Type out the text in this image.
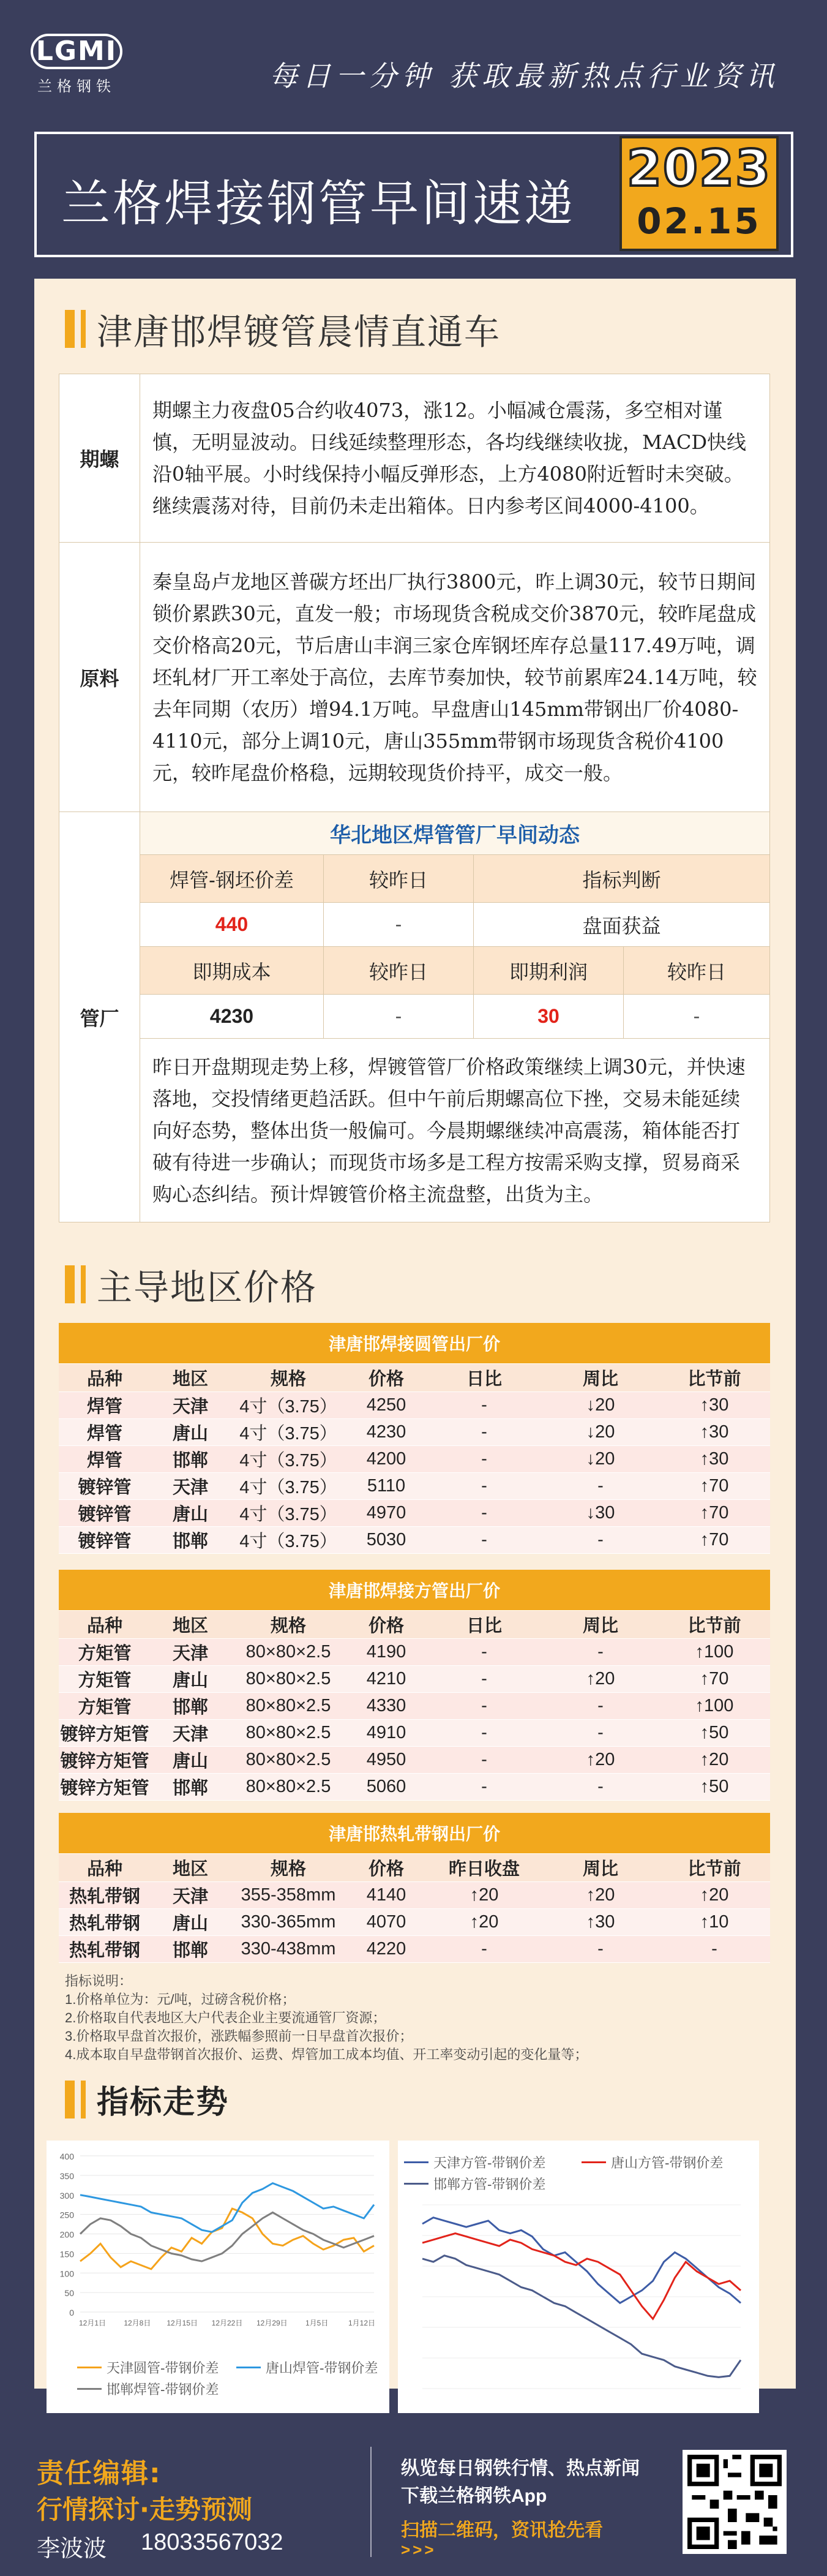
LGMI
兰格钢铁	每日一分钟 获取最新热点行业资讯
兰格焊接钢管早间速递
2023
02.15
津唐邯焊镀管晨情直通车
期螺	期螺主力夜盘05合约收4073，涨12。小幅减仓震荡，多空相对谨慎，无明显波动。日线延续整理形态，各均线继续收拢，MACD快线沿0轴平展。小时线保持小幅反弹形态，上方4080附近暂时未突破。继续震荡对待，目前仍未走出箱体。日内参考区间4000-4100。			
原料	秦皇岛卢龙地区普碳方坯出厂执行3800元，昨上调30元，较节日期间锁价累跌30元，直发一般；市场现货含税成交价3870元，较昨尾盘成交价格高20元，节后唐山丰润三家仓库钢坯库存总量117.49万吨，调坯轧材厂开工率处于高位，去库节奏加快，较节前累库24.14万吨，较去年同期（农历）增94.1万吨。早盘唐山145mm带钢出厂价4080-4110元，部分上调10元，唐山355mm带钢市场现货含税价4100元，较昨尾盘价格稳，远期较现货价持平，成交一般。			
管厂	华北地区焊管管厂早间动态			
	焊管-钢坯价差	较昨日	指标判断	
	440	-	盘面获益	
	即期成本	较昨日	即期利润	较昨日
	4230	-	30	-
	昨日开盘期现走势上移，焊镀管管厂价格政策继续上调30元，并快速落地，交投情绪更趋活跃。但中午前后期螺高位下挫，交易未能延续向好态势，整体出货一般偏可。今晨期螺继续冲高震荡，箱体能否打破有待进一步确认；而现货市场多是工程方按需采购支撑，贸易商采购心态纠结。预计焊镀管价格主流盘整，出货为主。			
主导地区价格
津唐邯焊接圆管出厂价						
品种	地区	规格	价格	日比	周比	比节前
焊管	天津	4寸（3.75）	4250	-	↓20	↑30
焊管	唐山	4寸（3.75）	4230	-	↓20	↑30
焊管	邯郸	4寸（3.75）	4200	-	↓20	↑30
镀锌管	天津	4寸（3.75）	5110	-	-	↑70
镀锌管	唐山	4寸（3.75）	4970	-	↓30	↑70
镀锌管	邯郸	4寸（3.75）	5030	-	-	↑70
津唐邯焊接方管出厂价						
品种	地区	规格	价格	日比	周比	比节前
方矩管	天津	80×80×2.5	4190	-	-	↑100
方矩管	唐山	80×80×2.5	4210	-	↑20	↑70
方矩管	邯郸	80×80×2.5	4330	-	-	↑100
镀锌方矩管	天津	80×80×2.5	4910	-	-	↑50
镀锌方矩管	唐山	80×80×2.5	4950	-	↑20	↑20
镀锌方矩管	邯郸	80×80×2.5	5060	-	-	↑50
津唐邯热轧带钢出厂价						
品种	地区	规格	价格	昨日收盘	周比	比节前
热轧带钢	天津	355-358mm	4140	↑20	↑20	↑20
热轧带钢	唐山	330-365mm	4070	↑20	↑30	↑10
热轧带钢	邯郸	330-438mm	4220	-	-	-
指标说明：
1.价格单位为：元/吨，过磅含税价格；
2.价格取自代表地区大户代表企业主要流通管厂资源；
3.价格取早盘首次报价，涨跌幅参照前一日早盘首次报价；
4.成本取自早盘带钢首次报价、运费、焊管加工成本均值、开工率变动引起的变化量等；
指标走势
400
350
300
250
200
150
100
50
0
12月1日 12月8日 12月15日 12月22日 12月29日 1月5日	1月12日
天津圆管-带钢价差	唐山焊管-带钢价差
邯郸焊管-带钢价差
天津方管-带钢价差	唐山方管-带钢价差
邯郸方管-带钢价差
责任编辑:
行情探讨·走势预测
李波波 18033567032
纵览每日钢铁行情、热点新闻
下载兰格钢铁App
扫描二维码，资讯抢先看
>>>
